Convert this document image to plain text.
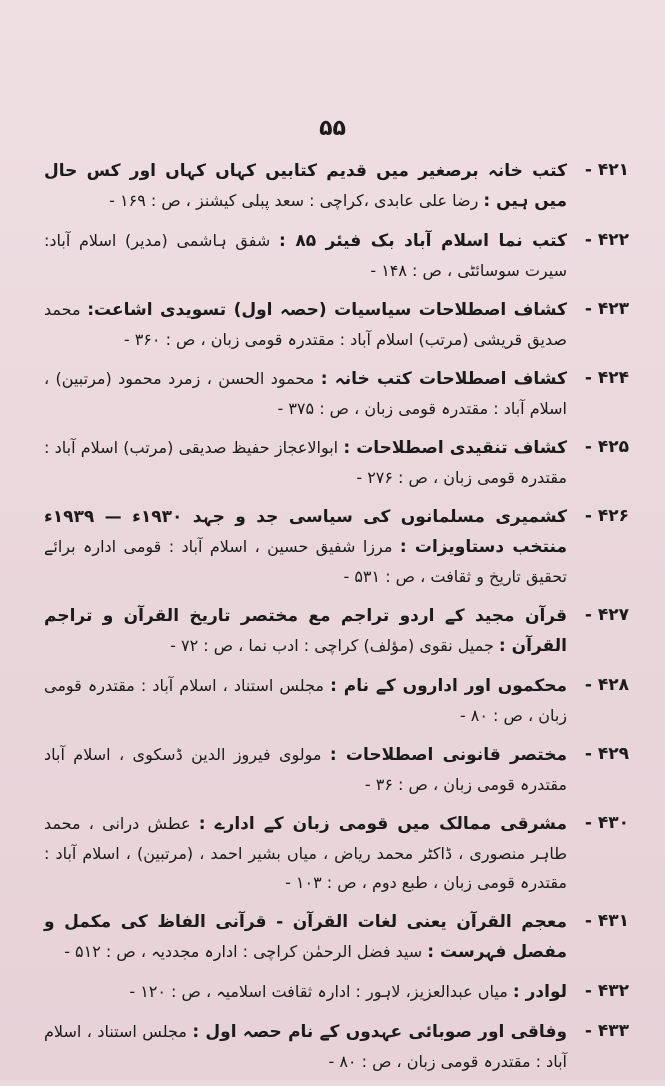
۵۵
۴۲۱ -
کتب خانہ برصغیر میں قدیم کتابیں کہاں کہاں اور کس حال میں ہیں : رضا علی عابدی ،کراچی : سعد پبلی کیشنز ، ص : ۱۶۹ -
۴۲۲ -
کتب نما اسلام آباد بک فیئر ۸۵ : شفق ہاشمی (مدیر) اسلام آباد: سیرت سوسائٹی ، ص : ۱۴۸ -
۴۲۳ -
کشاف اصطلاحات سیاسیات (حصہ اول) تسویدی اشاعت: محمد صدیق قریشی (مرتب) اسلام آباد : مقتدرہ قومی زبان ، ص : ۳۶۰ -
۴۲۴ -
کشاف اصطلاحات کتب خانہ : محمود الحسن ، زمرد محمود (مرتبین) ، اسلام آباد : مقتدرہ قومی زبان ، ص : ۳۷۵ -
۴۲۵ -
کشاف تنقیدی اصطلاحات : ابوالاعجاز حفیظ صدیقی (مرتب) اسلام آباد : مقتدرہ قومی زبان ، ص : ۲۷۶ -
۴۲۶ -
کشمیری مسلمانوں کی سیاسی جد و جہد ۱۹۳۰ء — ۱۹۳۹ء منتخب دستاویزات : مرزا شفیق حسین ، اسلام آباد : قومی ادارہ برائے تحقیق تاریخ و ثقافت ، ص : ۵۳۱ -
۴۲۷ -
قرآن مجید کے اردو تراجم مع مختصر تاریخ القرآن و تراجم القرآن : جمیل نقوی (مؤلف) کراچی : ادب نما ، ص : ۷۲ -
۴۲۸ -
محکموں اور اداروں کے نام : مجلس استناد ، اسلام آباد : مقتدرہ قومی زبان ، ص : ۸۰ -
۴۲۹ -
مختصر قانونی اصطلاحات : مولوی فیروز الدین ڈسکوی ، اسلام آباد مقتدرہ قومی زبان ، ص : ۳۶ -
۴۳۰ -
مشرقی ممالک میں قومی زبان کے ادارے : عطش درانی ، محمد طاہر منصوری ، ڈاکٹر محمد ریاض ، میاں بشیر احمد ، (مرتبین) ، اسلام آباد : مقتدرہ قومی زبان ، طبع دوم ، ص : ۱۰۳ -
۴۳۱ -
معجم القرآن یعنی لغات القرآن - قرآنی الفاظ کی مکمل و مفصل فہرست : سید فضل الرحمٰن کراچی : ادارہ مجددیہ ، ص : ۵۱۲ -
۴۳۲ -
لوادر : میاں عبدالعزیز، لاہور : ادارہ ثقافت اسلامیہ ، ص : ۱۲۰ -
۴۳۳ -
وفاقی اور صوبائی عہدوں کے نام حصہ اول : مجلس استناد ، اسلام آباد : مقتدرہ قومی زبان ، ص : ۸۰ -
